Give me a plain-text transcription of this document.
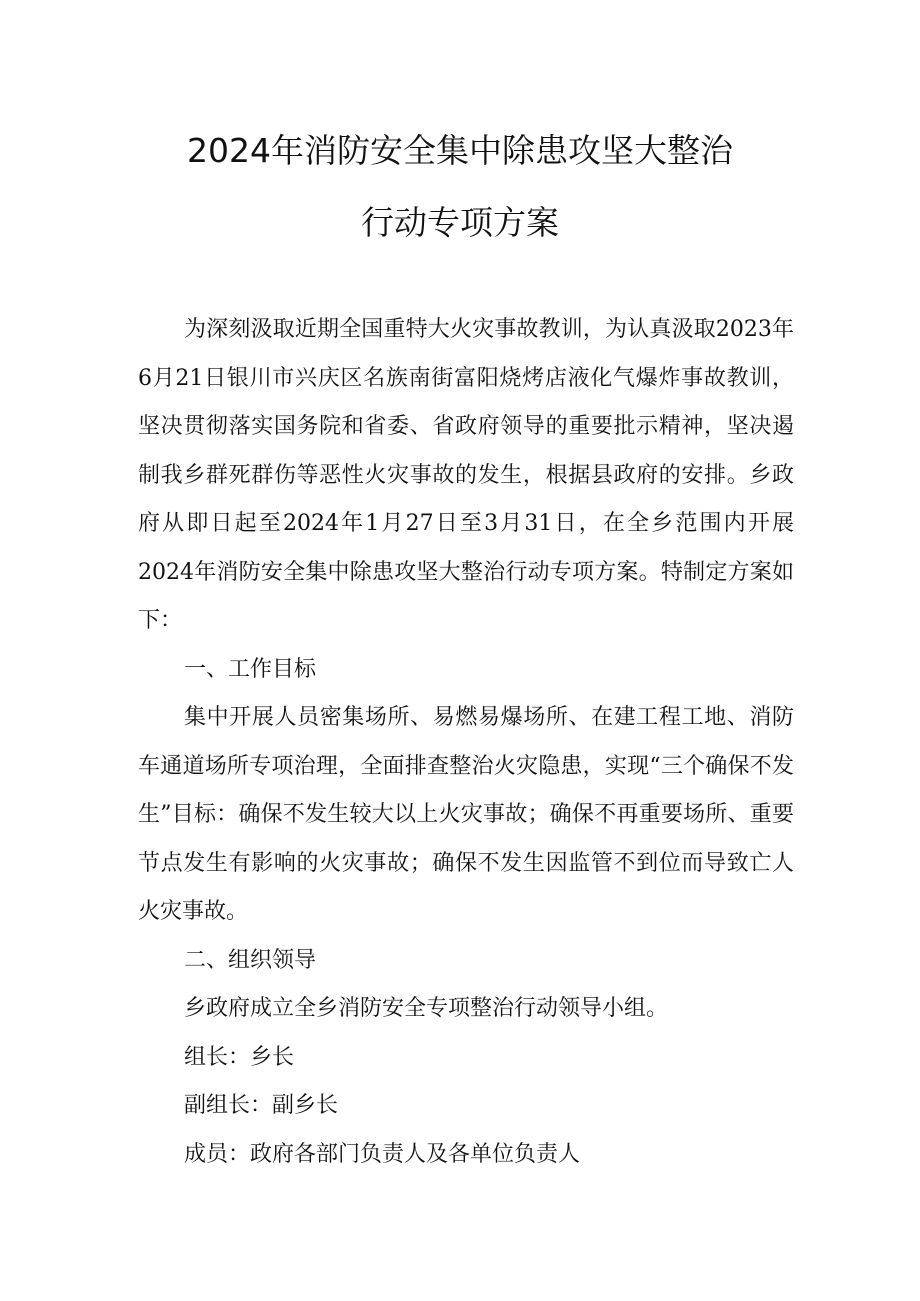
2024年消防安全集中除患攻坚大整治
行动专项方案

为深刻汲取近期全国重特大火灾事故教训，为认真汲取2023年6月21日银川市兴庆区名族南街富阳烧烤店液化气爆炸事故教训，坚决贯彻落实国务院和省委、省政府领导的重要批示精神，坚决遏制我乡群死群伤等恶性火灾事故的发生，根据县政府的安排。乡政府从即日起至2024年1月27日至3月31日，在全乡范围内开展2024年消防安全集中除患攻坚大整治行动专项方案。特制定方案如下：

一、工作目标

集中开展人员密集场所、易燃易爆场所、在建工程工地、消防车通道场所专项治理，全面排查整治火灾隐患，实现“三个确保不发生”目标：确保不发生较大以上火灾事故；确保不再重要场所、重要节点发生有影响的火灾事故；确保不发生因监管不到位而导致亡人火灾事故。

二、组织领导

乡政府成立全乡消防安全专项整治行动领导小组。

组长：乡长

副组长：副乡长

成员：政府各部门负责人及各单位负责人
